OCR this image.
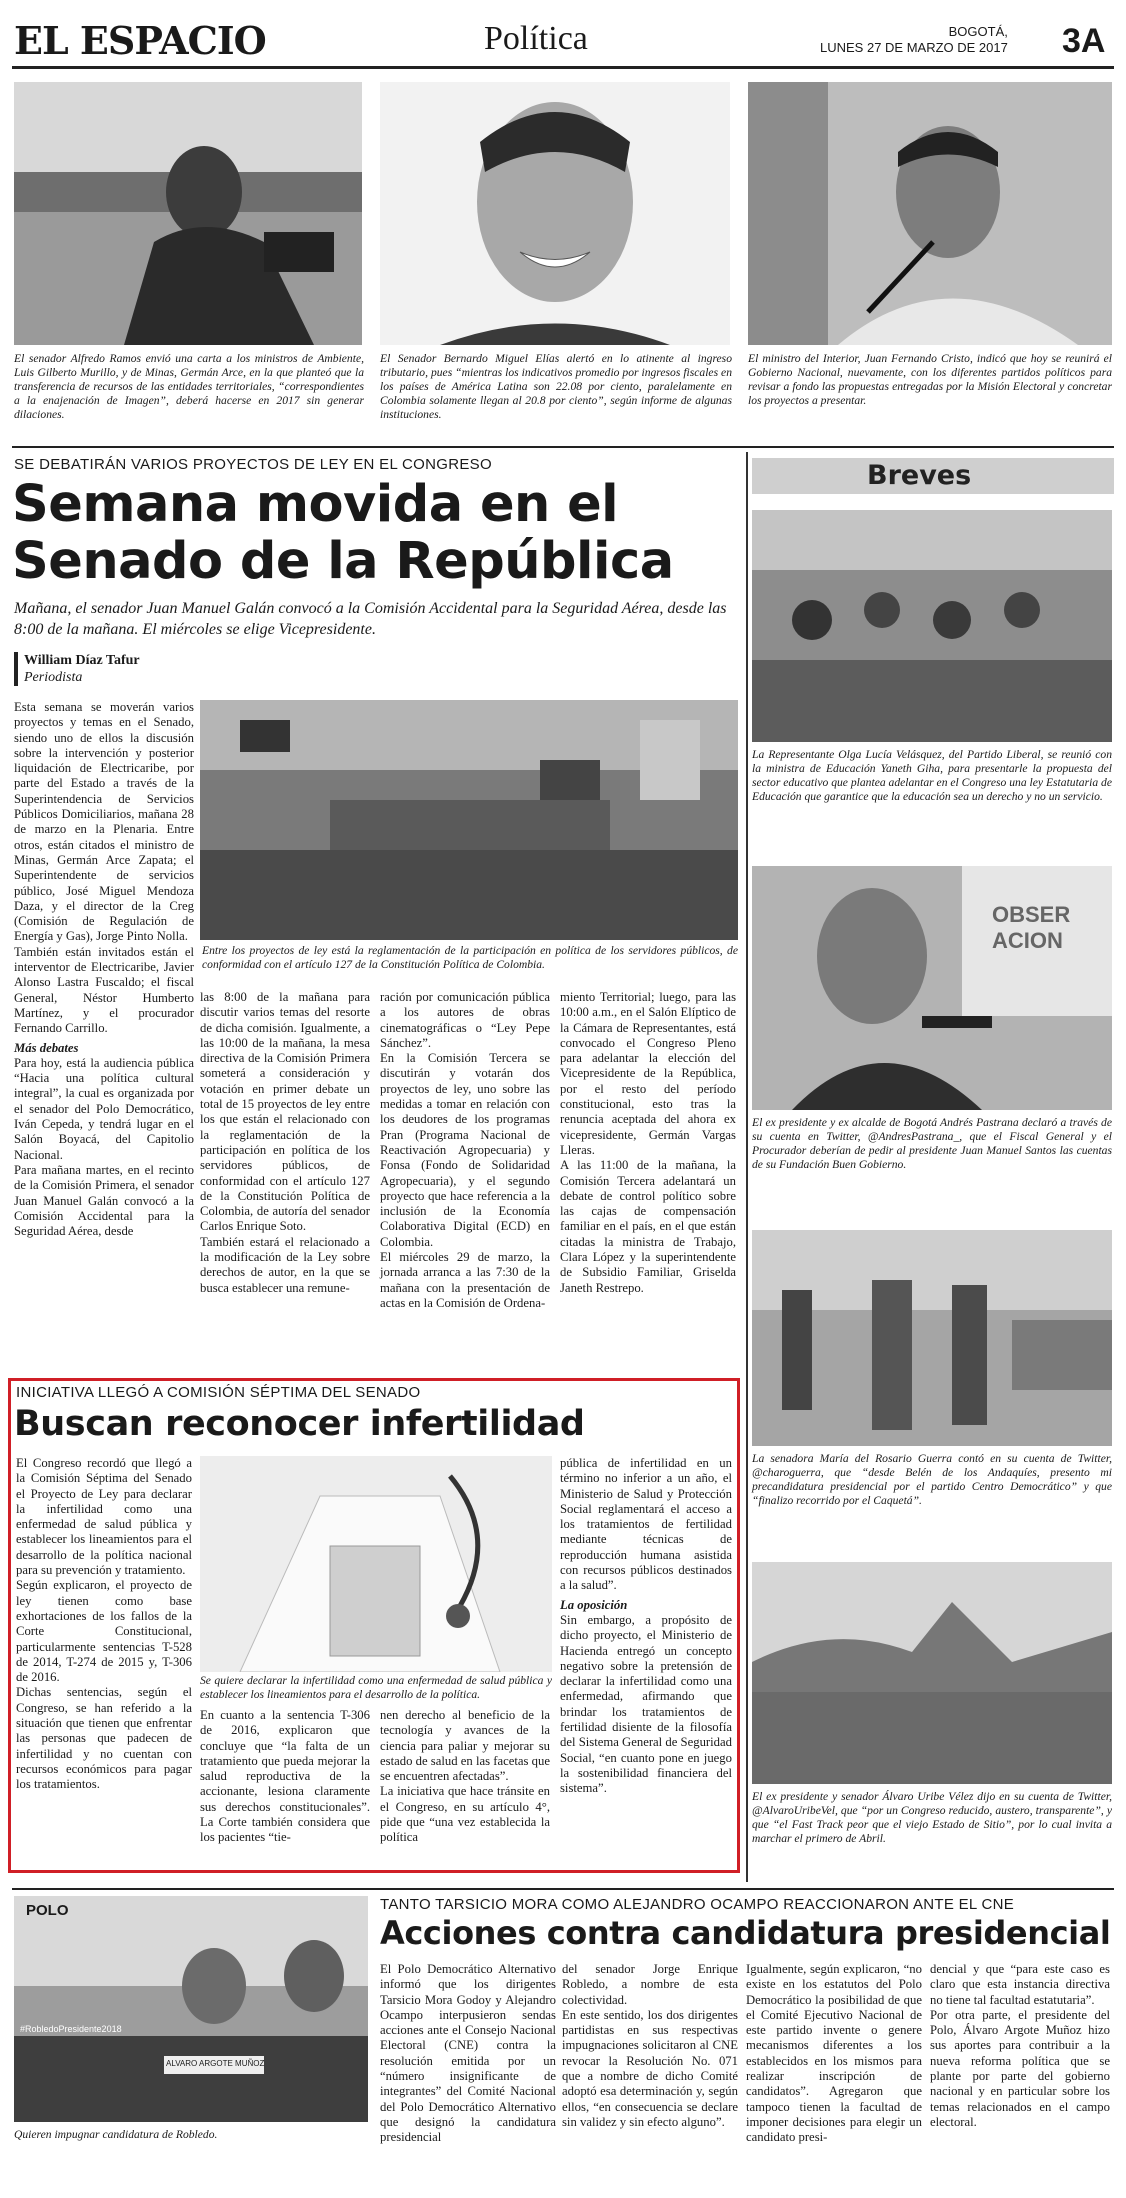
EL ESPACIO	Política	BOGOTÁ,
LUNES 27 DE MARZO DE 2017 3A
El senador Alfredo Ramos envió una carta a los ministros de Ambiente, Luis Gilberto Murillo, y de Minas, Germán Arce, en la que planteó que la transferencia de recursos de las entidades territoriales, “correspondientes a la enajenación de Imagen”, deberá hacerse en 2017 sin generar dilaciones.
El Senador Bernardo Miguel Elías alertó en lo atinente al ingreso tributario, pues “mientras los indicativos promedio por ingresos fiscales en los países de América Latina son 22.08 por ciento, paralelamente en Colombia solamente llegan al 20.8 por ciento”, según informe de algunas instituciones.
El ministro del Interior, Juan Fernando Cristo, indicó que hoy se reunirá el Gobierno Nacional, nuevamente, con los diferentes partidos políticos para revisar a fondo las propuestas entregadas por la Misión Electoral y concretar los proyectos a presentar.
SE DEBATIRÁN VARIOS PROYECTOS DE LEY EN EL CONGRESO
Semana movida en el
Senado de la República
Mañana, el senador Juan Manuel Galán convocó a la Comisión Accidental para la Seguridad Aérea, desde las 8:00 de la mañana. El miércoles se elige Vicepresidente.
William Díaz Tafur
Periodista

Esta semana se moverán varios proyectos y temas en el Senado, siendo uno de ellos la discusión sobre la intervención y posterior liquidación de Electricaribe, por parte del Estado a través de la Superintendencia de Servicios Públicos Domiciliarios, mañana 28 de marzo en la Plenaria. Entre otros, están citados el ministro de Minas, Germán Arce Zapata; el Superintendente de servicios público, José Miguel Mendoza Daza, y el director de la Creg (Comisión de Regulación de Energía y Gas), Jorge Pinto Nolla.

También están invitados están el interventor de Electricaribe, Javier Alonso Lastra Fuscaldo; el fiscal General, Néstor Humberto Martínez, y el procurador Fernando Carrillo.

Más debates

Para hoy, está la audiencia pública “Hacia una política cultural integral”, la cual es organizada por el senador del Polo Democrático, Iván Cepeda, y tendrá lugar en el Salón Boyacá, del Capitolio Nacional.

Para mañana martes, en el recinto de la Comisión Primera, el senador Juan Manuel Galán convocó a la Comisión Accidental para la Seguridad Aérea, desde

Entre los proyectos de ley está la reglamentación de la participación en política de los servidores públicos, de conformidad con el artículo 127 de la Constitución Política de Colombia.

las 8:00 de la mañana para discutir varios temas del resorte de dicha comisión. Igualmente, a las 10:00 de la mañana, la mesa directiva de la Comisión Primera someterá a consideración y votación en primer debate un total de 15 proyectos de ley entre los que están el relacionado con la reglamentación de la participación en política de los servidores públicos, de conformidad con el artículo 127 de la Constitución Política de Colombia, de autoría del senador Carlos Enrique Soto.

También estará el relacionado a la modificación de la Ley sobre derechos de autor, en la que se busca establecer una remune-

ración por comunicación pública a los autores de obras cinematográficas o “Ley Pepe Sánchez”.

En la Comisión Tercera se discutirán y votarán dos proyectos de ley, uno sobre las medidas a tomar en relación con los deudores de los programas Pran (Programa Nacional de Reactivación Agropecuaria) y Fonsa (Fondo de Solidaridad Agropecuaria), y el segundo proyecto que hace referencia a la inclusión de la Economía Colaborativa Digital (ECD) en Colombia.

El miércoles 29 de marzo, la jornada arranca a las 7:30 de la mañana con la presentación de actas en la Comisión de Ordena-

miento Territorial; luego, para las 10:00 a.m., en el Salón Elíptico de la Cámara de Representantes, está convocado el Congreso Pleno para adelantar la elección del Vicepresidente de la República, por el resto del período constitucional, esto tras la renuncia aceptada del ahora ex vicepresidente, Germán Vargas Lleras.

A las 11:00 de la mañana, la Comisión Tercera adelantará un debate de control político sobre las cajas de compensación familiar en el país, en el que están citadas la ministra de Trabajo, Clara López y la superintendente de Subsidio Familiar, Griselda Janeth Restrepo.

INICIATIVA LLEGÓ A COMISIÓN SÉPTIMA DEL SENADO
Buscan reconocer infertilidad

El Congreso recordó que llegó a la Comisión Séptima del Senado el Proyecto de Ley para declarar la infertilidad como una enfermedad de salud pública y establecer los lineamientos para el desarrollo de la política nacional para su prevención y tratamiento.

Según explicaron, el proyecto de ley tienen como base exhortaciones de los fallos de la Corte Constitucional, particularmente sentencias T-528 de 2014, T-274 de 2015 y, T-306 de 2016.

Dichas sentencias, según el Congreso, se han referido a la situación que tienen que enfrentar las personas que padecen de infertilidad y no cuentan con recursos económicos para pagar los tratamientos.

Se quiere declarar la infertilidad como una enfermedad de salud pública y establecer los lineamientos para el desarrollo de la política.

En cuanto a la sentencia T-306 de 2016, explicaron que concluye que “la falta de un tratamiento que pueda mejorar la salud reproductiva de la accionante, lesiona claramente sus derechos constitucionales”. La Corte también considera que los pacientes “tie-

nen derecho al beneficio de la tecnología y avances de la ciencia para paliar y mejorar su estado de salud en las facetas que se encuentren afectadas”.

La iniciativa que hace tránsite en el Congreso, en su artículo 4°, pide que “una vez establecida la política

pública de infertilidad en un término no inferior a un año, el Ministerio de Salud y Protección Social reglamentará el acceso a los tratamientos de fertilidad mediante técnicas de reproducción humana asistida con recursos públicos destinados a la salud”.

La oposición

Sin embargo, a propósito de dicho proyecto, el Ministerio de Hacienda entregó un concepto negativo sobre la pretensión de declarar la infertilidad como una enfermedad, afirmando que brindar los tratamientos de fertilidad disiente de la filosofía del Sistema General de Seguridad Social, “en cuanto pone en juego la sostenibilidad financiera del sistema”.

Breves
La Representante Olga Lucía Velásquez, del Partido Liberal, se reunió con la ministra de Educación Yaneth Giha, para presentarle la propuesta del sector educativo que plantea adelantar en el Congreso una ley Estatutaria de Educación que garantice que la educación sea un derecho y no un servicio.
OBSER ACION
El ex presidente y ex alcalde de Bogotá Andrés Pastrana declaró a través de su cuenta en Twitter, @AndresPastrana_, que el Fiscal General y el Procurador deberían de pedir al presidente Juan Manuel Santos las cuentas de su Fundación Buen Gobierno.
La senadora María del Rosario Guerra contó en su cuenta de Twitter, @charoguerra, que “desde Belén de los Andaquíes, presento mi precandidatura presidencial por el partido Centro Democrático” y que “finalizo recorrido por el Caquetá”.
El ex presidente y senador Álvaro Uribe Vélez dijo en su cuenta de Twitter, @AlvaroUribeVel, que “por un Congreso reducido, austero, transparente”, y que “el Fast Track peor que el viejo Estado de Sitio”, por lo cual invita a marchar el primero de Abril.
POLO
#RobledoPresidente2018
ALVARO ARGOTE MUÑOZ
Quieren impugnar candidatura de Robledo.
TANTO TARSICIO MORA COMO ALEJANDRO OCAMPO REACCIONARON ANTE EL CNE
Acciones contra candidatura presidencial

El Polo Democrático Alternativo informó que los dirigentes Tarsicio Mora Godoy y Alejandro Ocampo interpusieron sendas acciones ante el Consejo Nacional Electoral (CNE) contra la resolución emitida por un “número insignificante de integrantes” del Comité Nacional del Polo Democrático Alternativo que designó la candidatura presidencial

del senador Jorge Enrique Robledo, a nombre de esta colectividad.

En este sentido, los dos dirigentes partidistas en sus respectivas impugnaciones solicitaron al CNE revocar la Resolución No. 071 que a nombre de dicho Comité adoptó esa determinación y, según ellos, “en consecuencia se declare sin validez y sin efecto alguno”.

Igualmente, según explicaron, “no existe en los estatutos del Polo Democrático la posibilidad de que el Comité Ejecutivo Nacional de este partido invente o genere mecanismos diferentes a los establecidos en los mismos para realizar inscripción de candidatos”. Agregaron que tampoco tienen la facultad de imponer decisiones para elegir un candidato presi-

dencial y que “para este caso es claro que esta instancia directiva no tiene tal facultad estatutaria”.

Por otra parte, el presidente del Polo, Álvaro Argote Muñoz hizo sus aportes para contribuir a la nueva reforma política que se plante por parte del gobierno nacional y en particular sobre los temas relacionados en el campo electoral.
